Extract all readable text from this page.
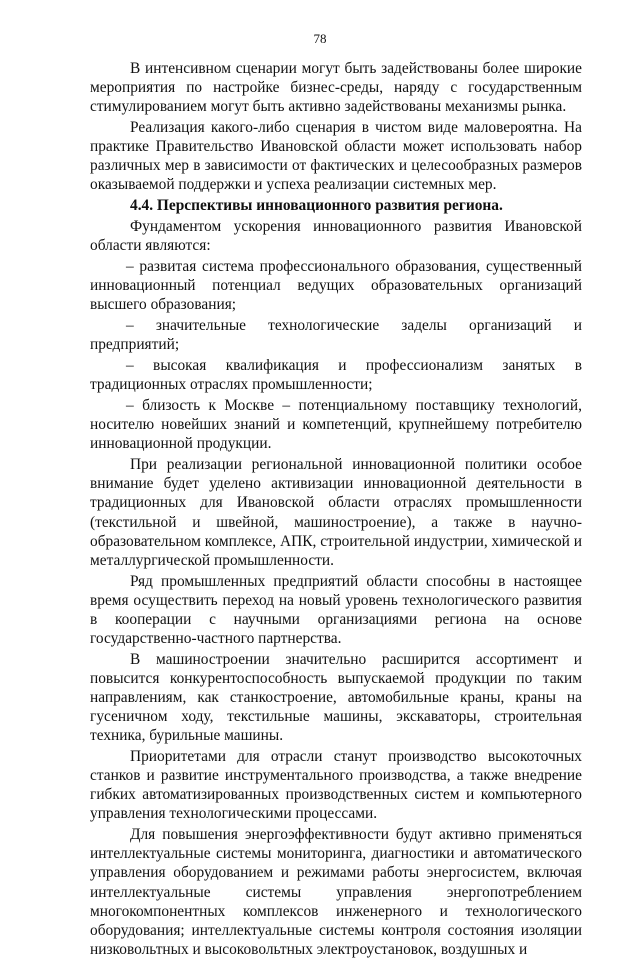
78

В интенсивном сценарии могут быть задействованы более широкие мероприятия по настройке бизнес-среды, наряду с государственным стимулированием могут быть активно задействованы механизмы рынка.

Реализация какого-либо сценария в чистом виде маловероятна. На практике Правительство Ивановской области может использовать набор различных мер в зависимости от фактических и целесообразных размеров оказываемой поддержки и успеха реализации системных мер.

4.4. Перспективы инновационного развития региона.

Фундаментом ускорения инновационного развития Ивановской области являются:

– развитая система профессионального образования, существенный инновационный потенциал ведущих образовательных организаций высшего образования;

– значительные технологические заделы организаций и предприятий;

– высокая квалификация и профессионализм занятых в традиционных отраслях промышленности;

– близость к Москве – потенциальному поставщику технологий, носителю новейших знаний и компетенций, крупнейшему потребителю инновационной продукции.

При реализации региональной инновационной политики особое внимание будет уделено активизации инновационной деятельности в традиционных для Ивановской области отраслях промышленности (текстильной и швейной, машиностроение), а также в научно-образовательном комплексе, АПК, строительной индустрии, химической и металлургической промышленности.

Ряд промышленных предприятий области способны в настоящее время осуществить переход на новый уровень технологического развития в кооперации с научными организациями региона на основе государственно-частного партнерства.

В машиностроении значительно расширится ассортимент и повысится конкурентоспособность выпускаемой продукции по таким направлениям, как станкостроение, автомобильные краны, краны на гусеничном ходу, текстильные машины, экскаваторы, строительная техника, бурильные машины.

Приоритетами для отрасли станут производство высокоточных станков и развитие инструментального производства, а также внедрение гибких автоматизированных производственных систем и компьютерного управления технологическими процессами.

Для повышения энергоэффективности будут активно применяться интеллектуальные системы мониторинга, диагностики и автоматического управления оборудованием и режимами работы энергосистем, включая интеллектуальные системы управления энергопотреблением многокомпонентных комплексов инженерного и технологического оборудования; интеллектуальные системы контроля состояния изоляции низковольтных и высоковольтных электроустановок, воздушных и
